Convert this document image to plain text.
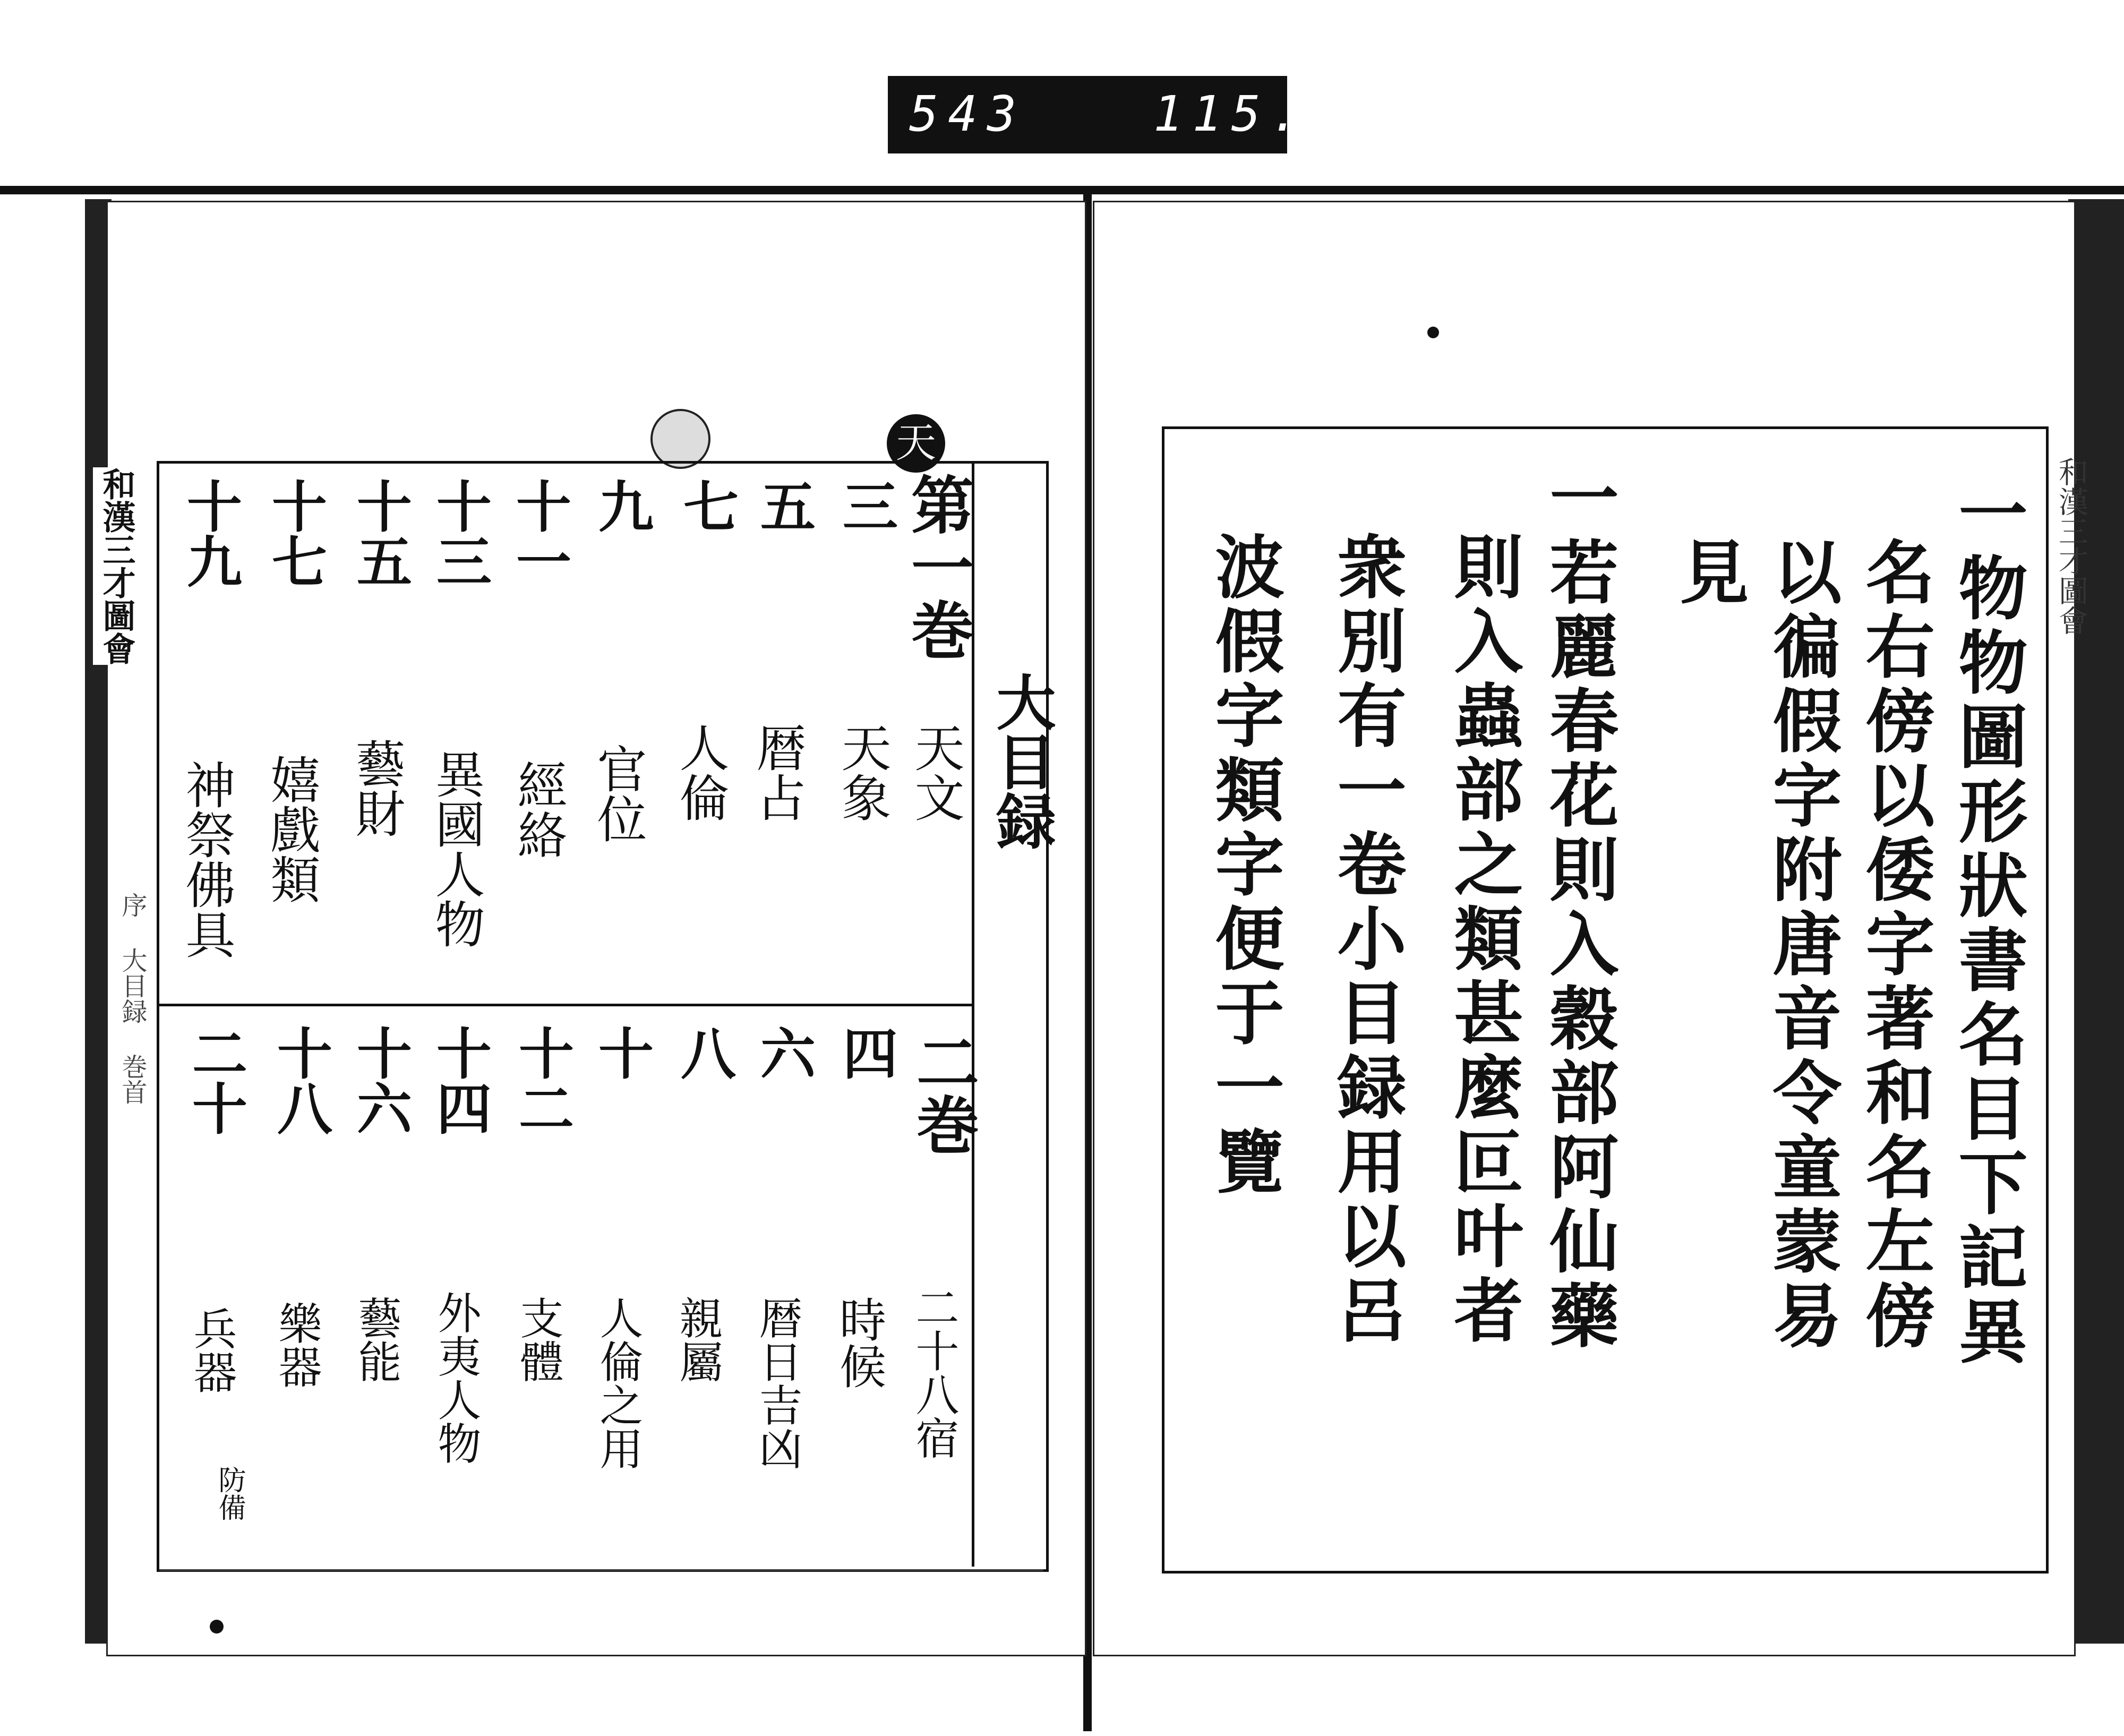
543	115.
和漢三才圖會
序 大目録 巻首
天
大目録
第一巻
二巻
天文
二十八宿
三
天象
五
暦占
七
人倫
九
官位
十一
經絡
十三
異國人物
十五
藝財
十七
嬉戲類
十九
神祭佛具
四
時候
六
暦日吉凶
八
親屬
十
人倫之用
十二
支體
十四
外夷人物
十六
藝能
十八
樂器
二十
兵器
防備
和漢三才圖會
一物物圖形狀書名目下記異
名右傍以倭字著和名左傍
以徧假字附唐音令童蒙易
見
一若麗春花則入穀部阿仙藥
則入蟲部之類甚麼叵叶者
衆別有一卷小目録用以呂
波假字類字便于一覽
